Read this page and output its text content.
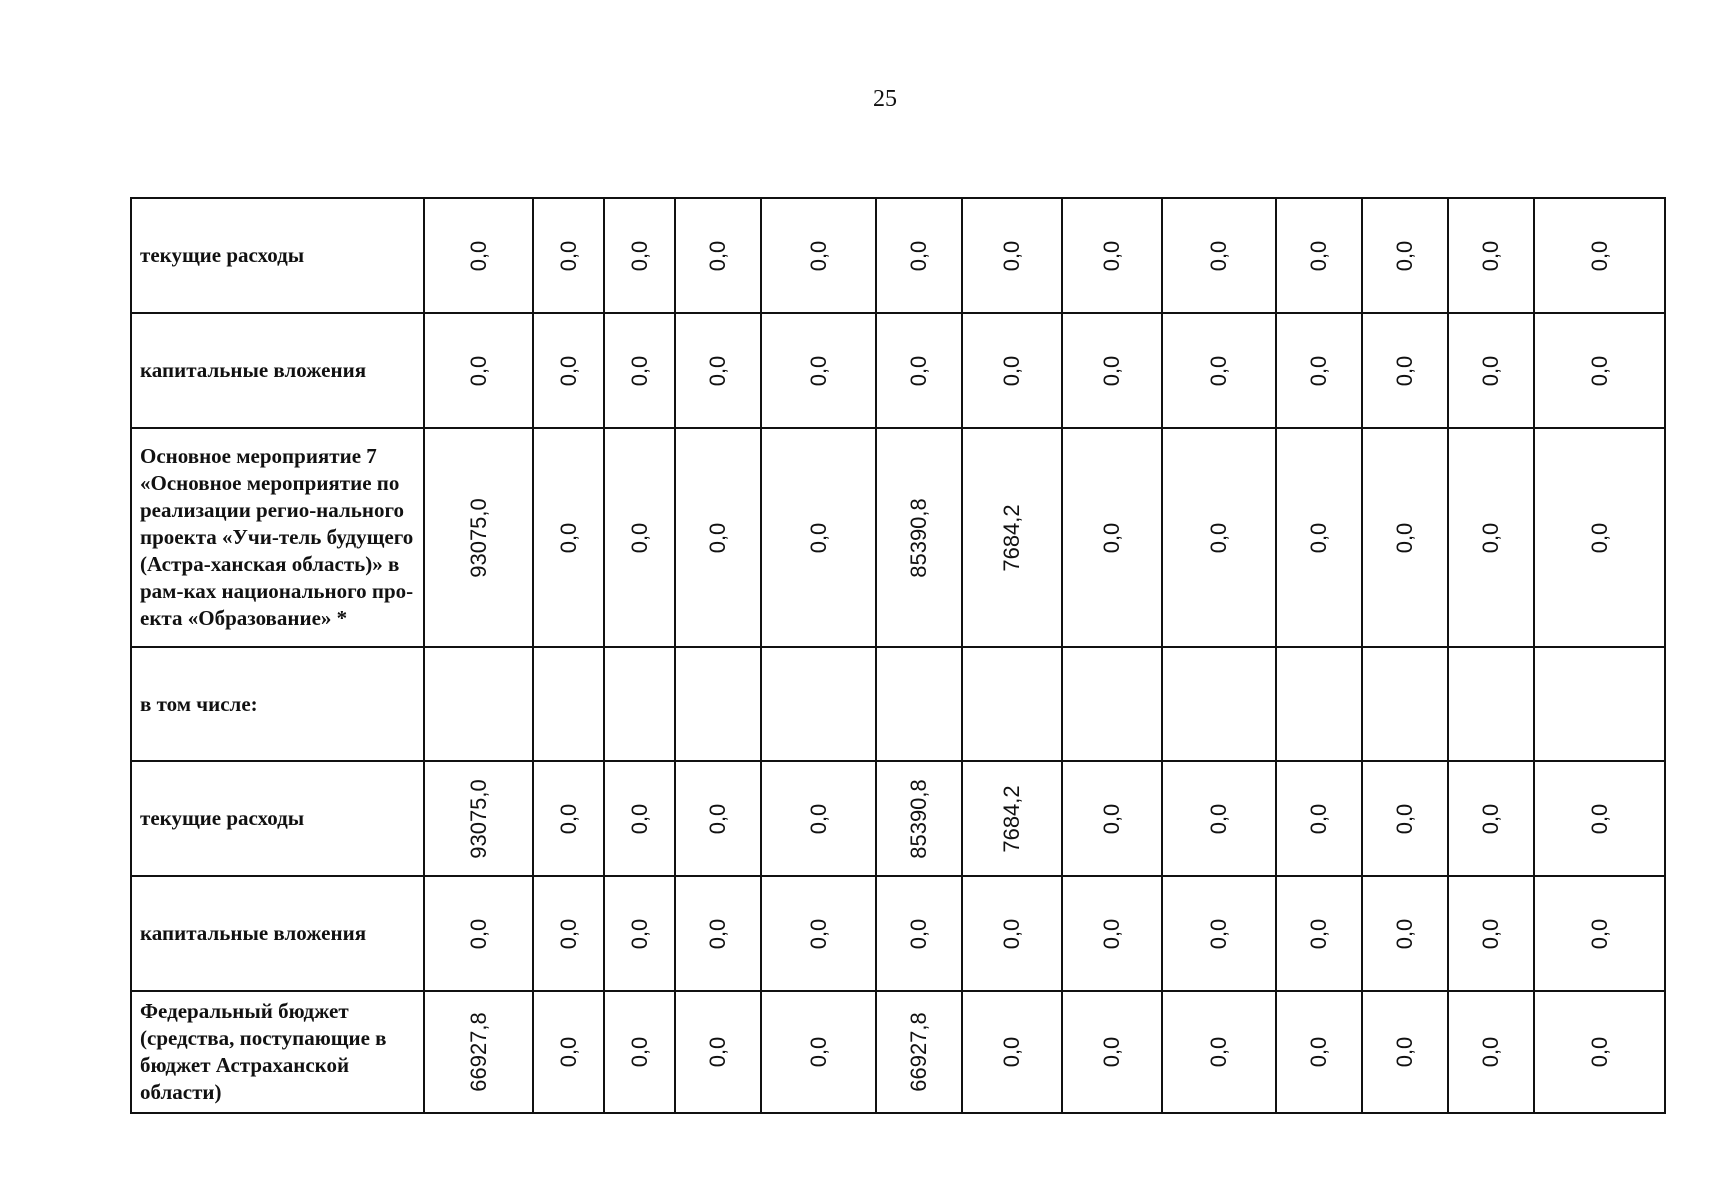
25
текущие расходы	0,0	0,0	0,0	0,0	0,0	0,0	0,0	0,0	0,0	0,0	0,0	0,0	0,0

капитальные вложения	0,0	0,0	0,0	0,0	0,0	0,0	0,0	0,0	0,0	0,0	0,0	0,0	0,0

Основное мероприятие 7 «Основное мероприятие по реализации регио-нального проекта «Учи-тель будущего (Астра-ханская область)» в рам-ках национального про-екта «Образование» *	93075,0	0,0	0,0	0,0	0,0	85390,8	7684,2	0,0	0,0	0,0	0,0	0,0	0,0

в том числе:	

текущие расходы	93075,0	0,0	0,0	0,0	0,0	85390,8	7684,2	0,0	0,0	0,0	0,0	0,0	0,0

капитальные вложения	0,0	0,0	0,0	0,0	0,0	0,0	0,0	0,0	0,0	0,0	0,0	0,0	0,0

Федеральный бюджет (средства, поступающие в бюджет Астраханской области)	66927,8	0,0	0,0	0,0	0,0	66927,8	0,0	0,0	0,0	0,0	0,0	0,0	0,0
